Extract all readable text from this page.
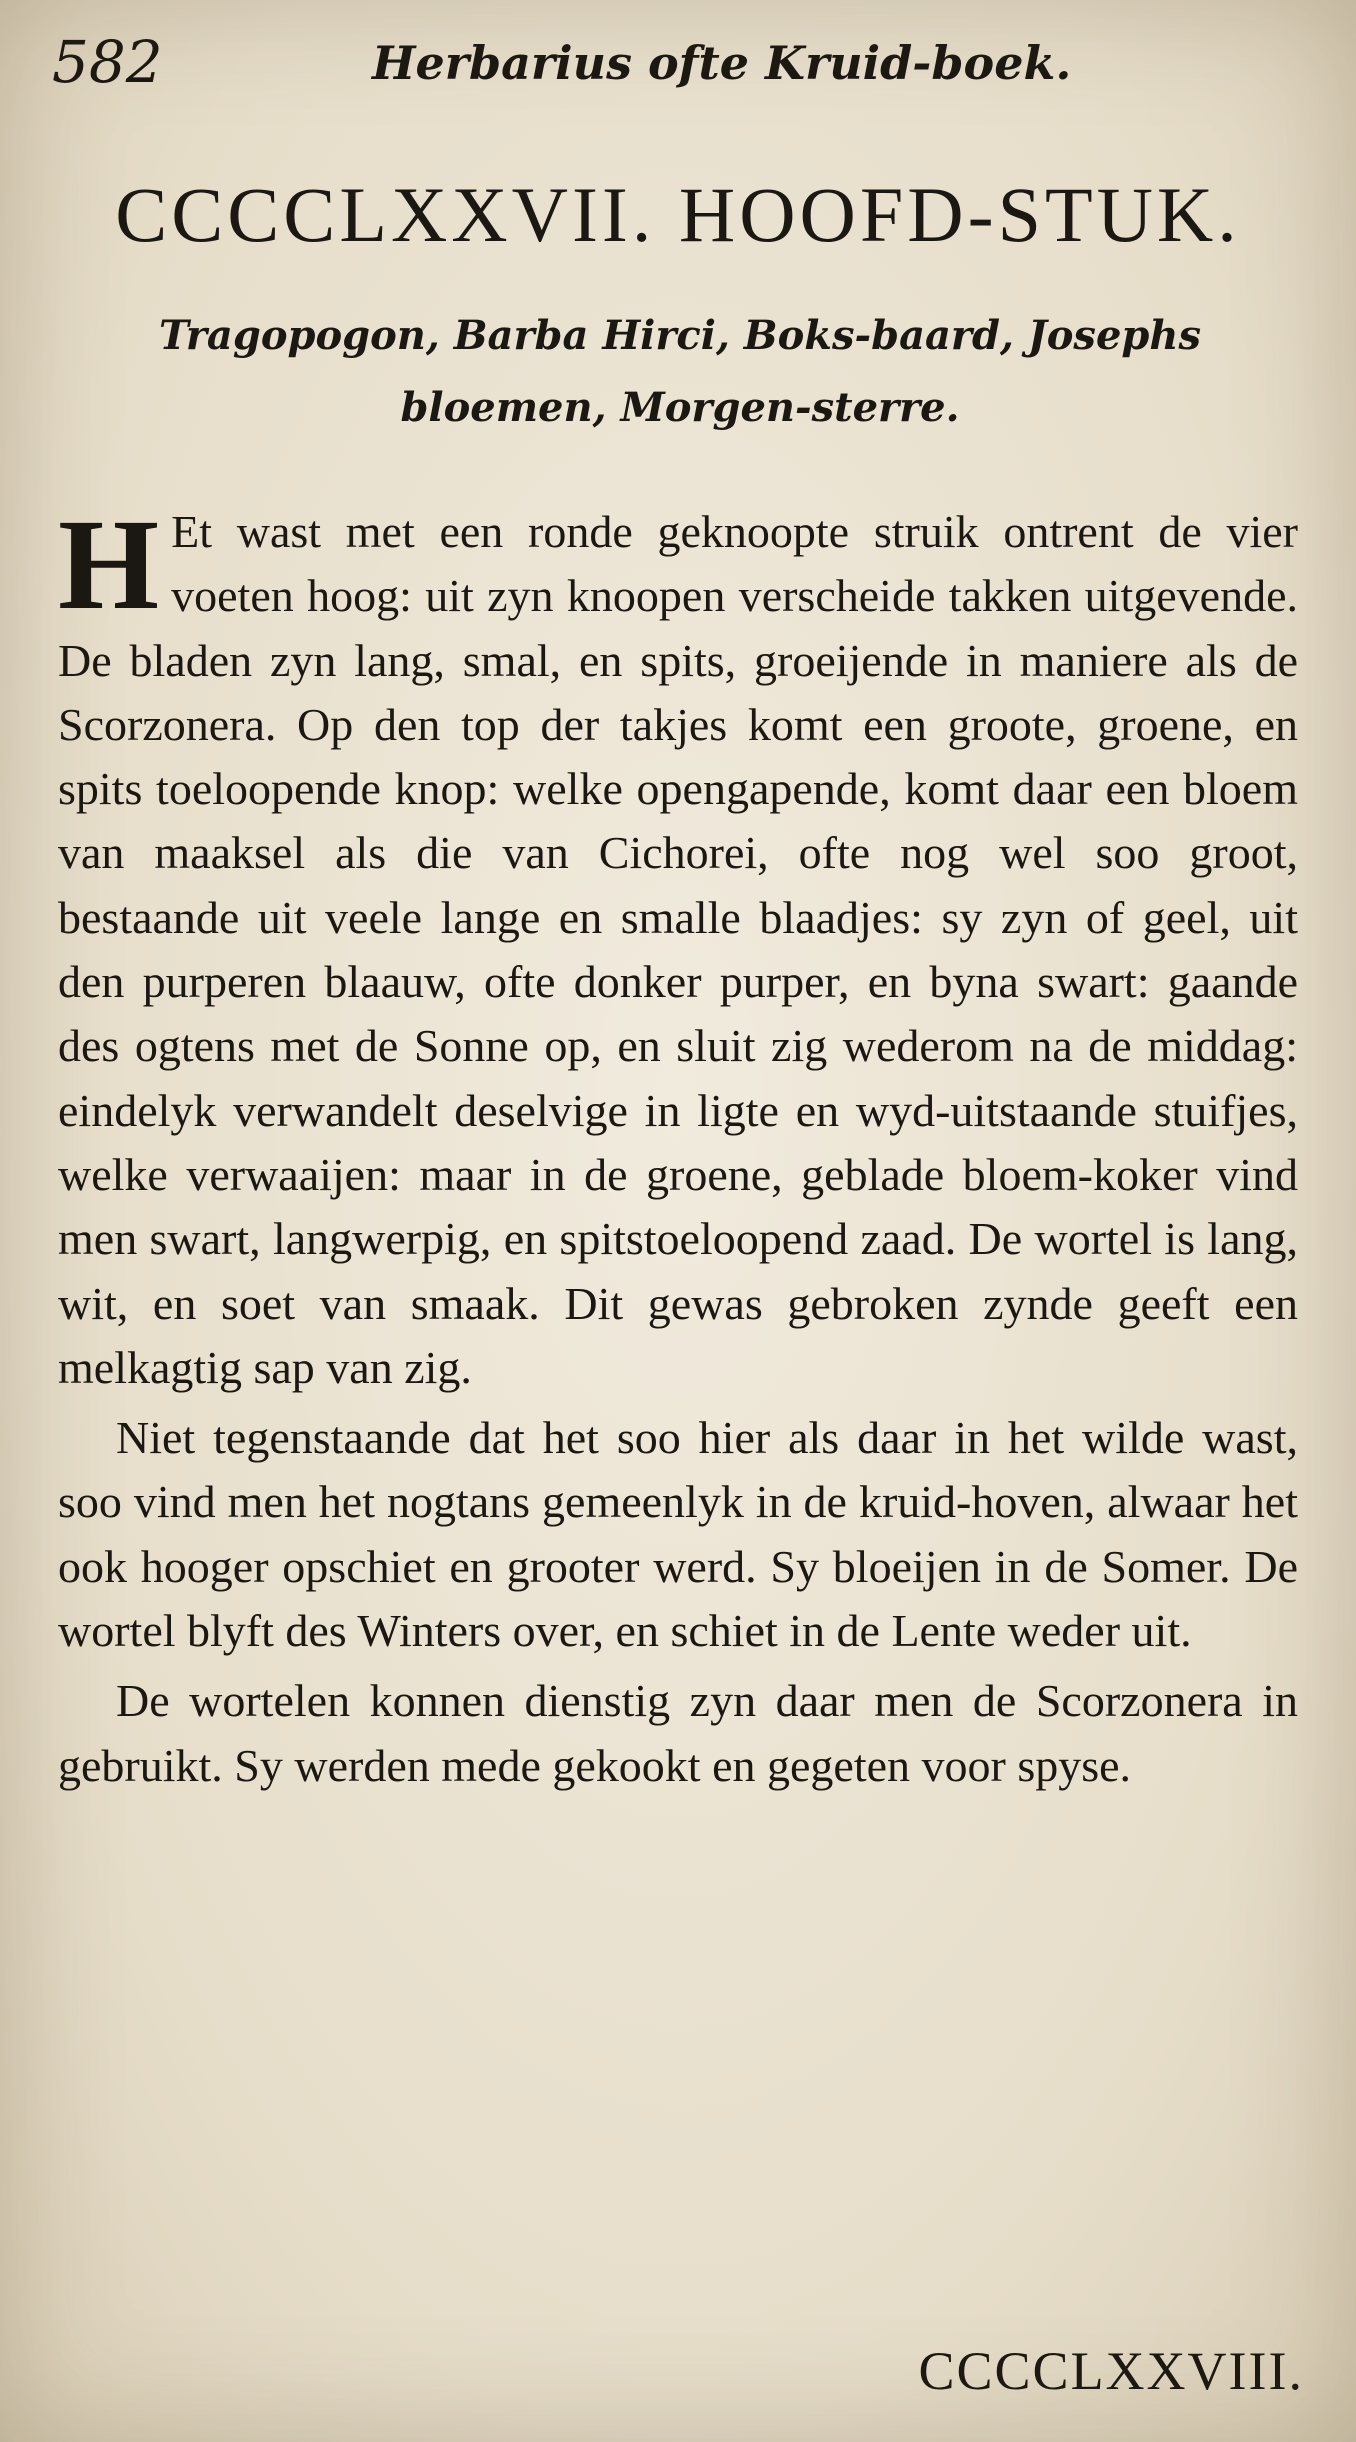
582	Herbarius ofte Kruid-boek.
CCCCLXXVII. HOOFD-STUK.
Tragopogon, Barba Hirci, Boks-baard, Josephs
bloemen, Morgen-sterre.

H Et wast met een ronde geknoopte struik ontrent de vier voeten hoog: uit zyn knoopen verscheide takken uitgevende. De bladen zyn lang, smal, en spits, groeijende in maniere als de Scorzonera. Op den top der takjes komt een groote, groene, en spits toeloopende knop: welke opengapende, komt daar een bloem van maaksel als die van Cichorei, ofte nog wel soo groot, bestaande uit veele lange en smalle blaadjes: sy zyn of geel, uit den purperen blaauw, ofte donker purper, en byna swart: gaande des ogtens met de Sonne op, en sluit zig wederom na de middag: eindelyk verwandelt deselvige in ligte en wyd-uitstaande stuifjes, welke verwaaijen: maar in de groene, geblade bloem-koker vind men swart, langwerpig, en spitstoeloopend zaad. De wortel is lang, wit, en soet van smaak. Dit gewas gebroken zynde geeft een melkagtig sap van zig.

Niet tegenstaande dat het soo hier als daar in het wilde wast, soo vind men het nogtans gemeenlyk in de kruid-hoven, alwaar het ook hooger opschiet en grooter werd. Sy bloeijen in de Somer. De wortel blyft des Winters over, en schiet in de Lente weder uit.

De wortelen konnen dienstig zyn daar men de Scorzonera in gebruikt. Sy werden mede gekookt en gegeten voor spyse.

CCCCLXXVIII.
